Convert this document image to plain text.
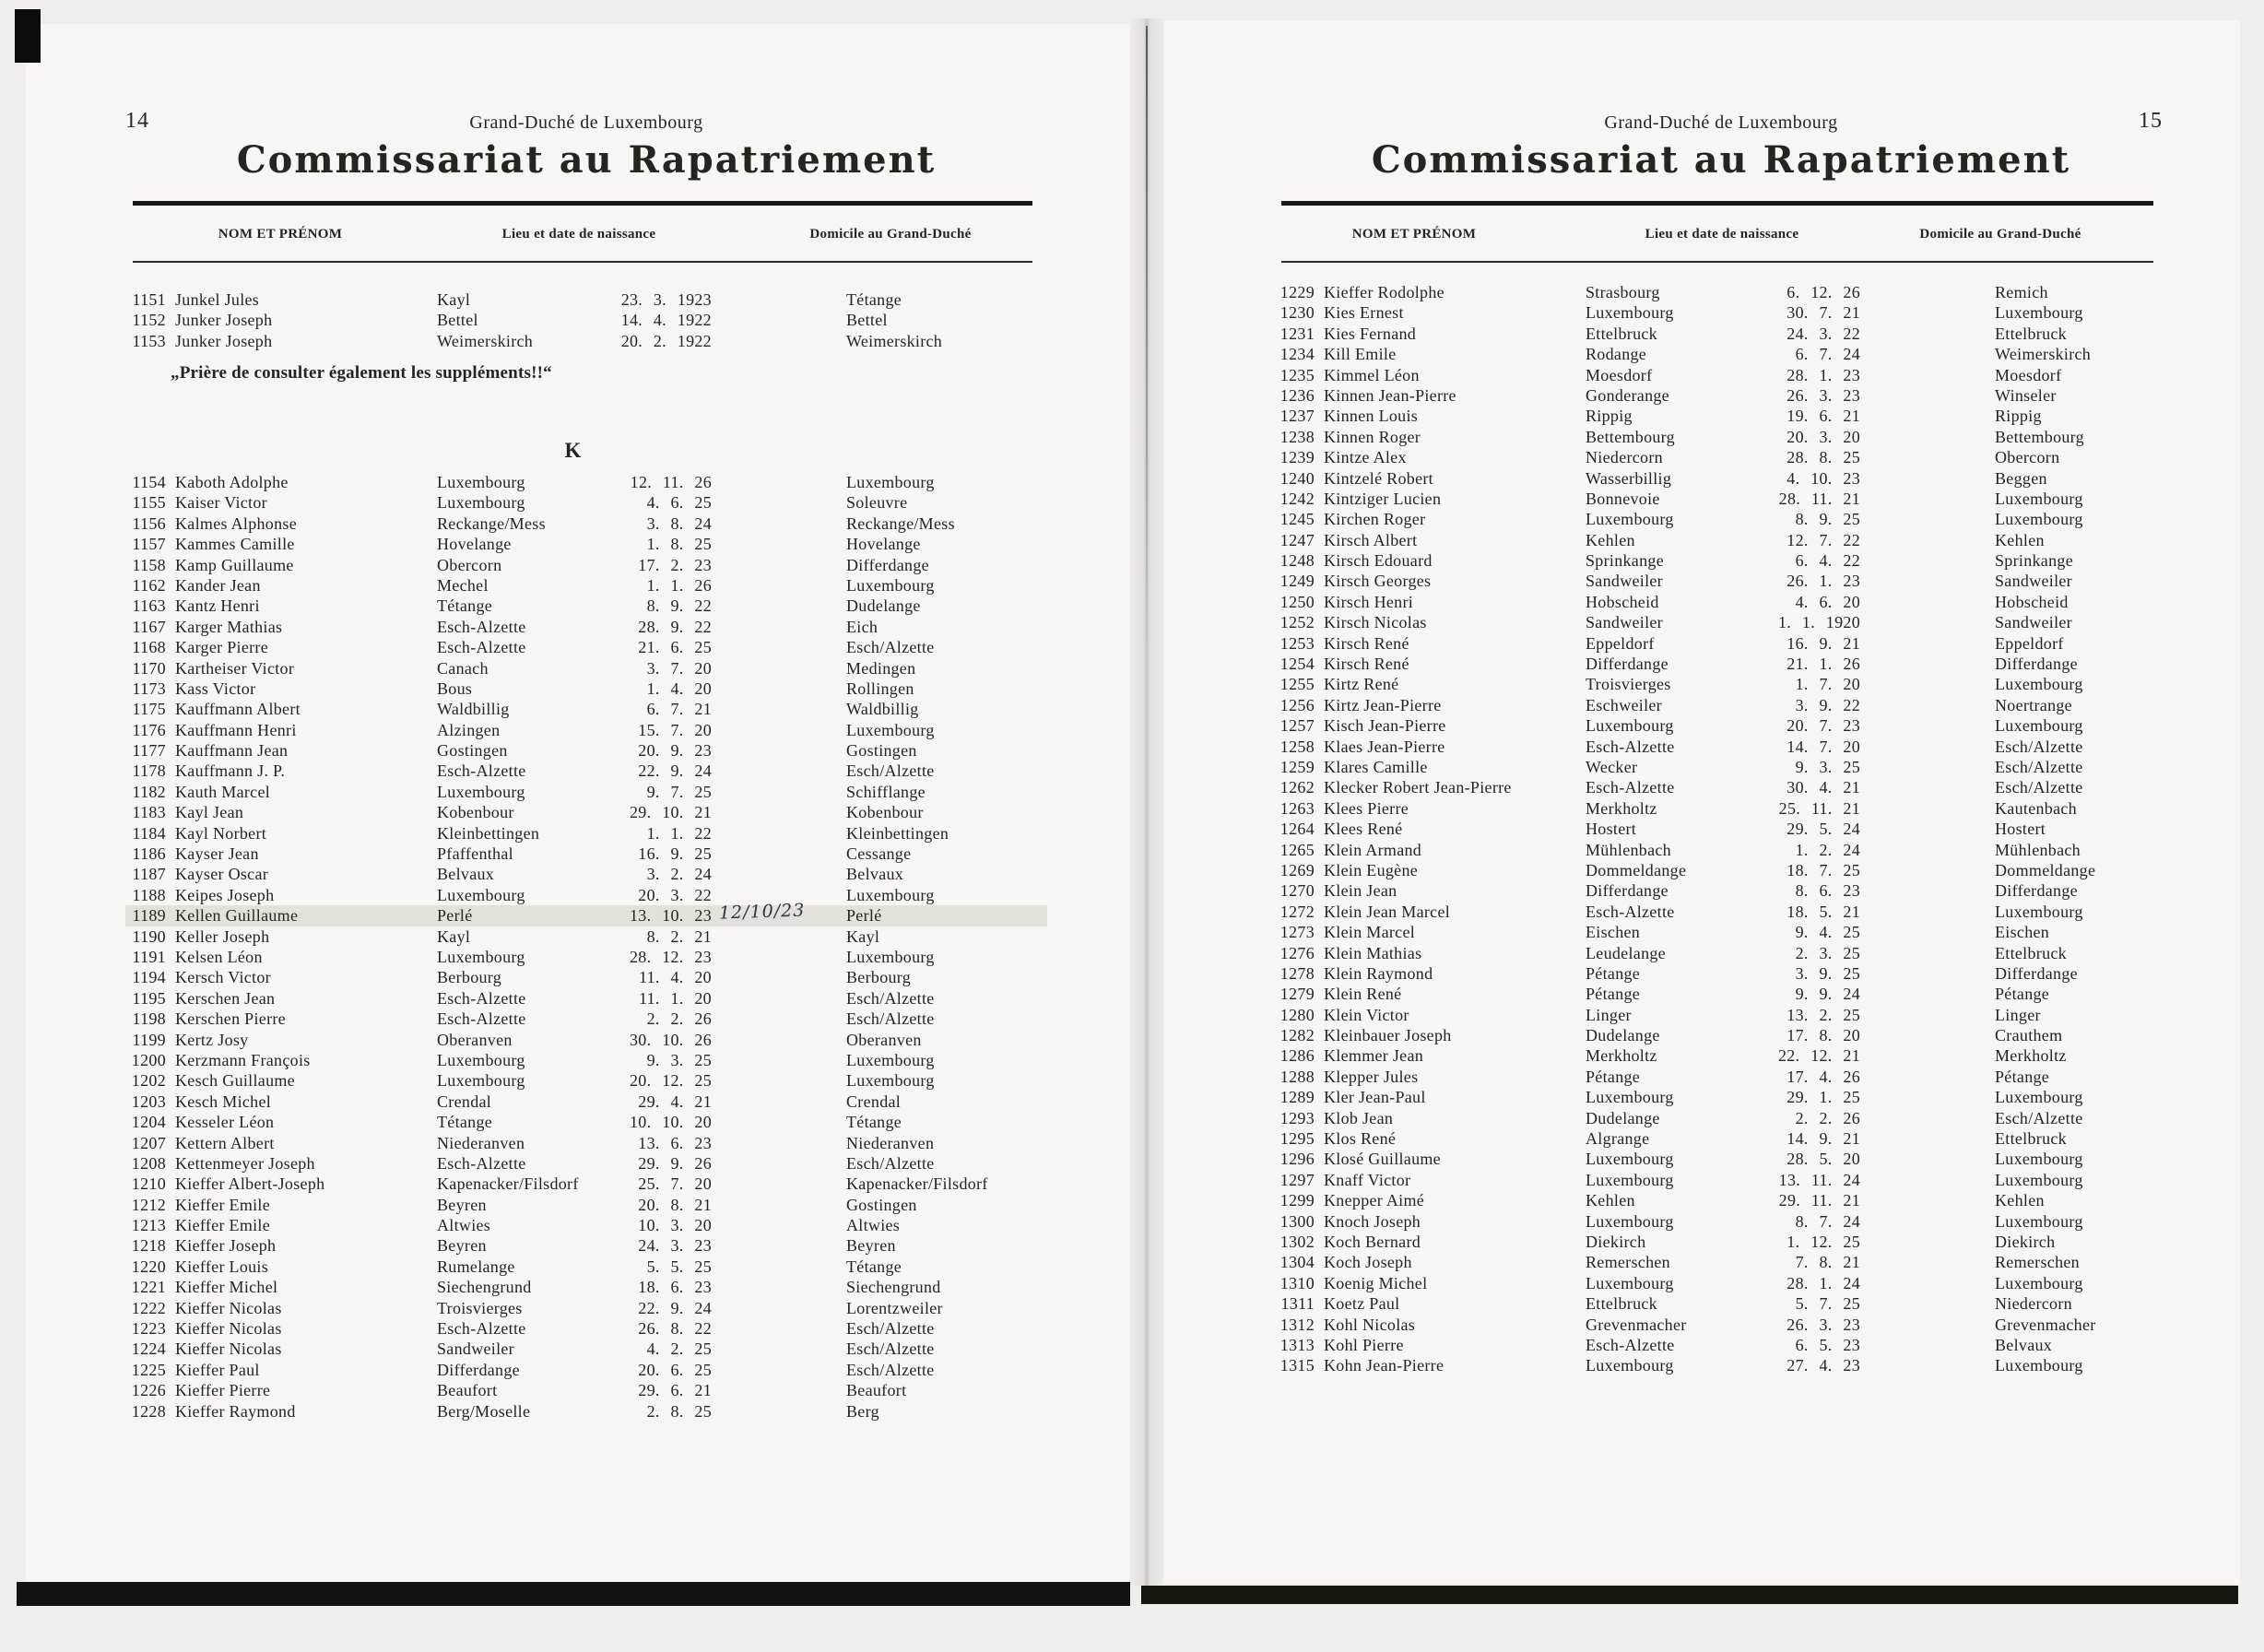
14	Grand-Duché de Luxembourg
Commissariat au Rapatriement
NOM ET PRÉNOM	Lieu et date de naissance	Domicile au Grand-Duché
1151 Junkel Jules	Kayl	23. 3. 1923	Tétange
1152 Junker Joseph	Bettel	14. 4. 1922	Bettel
1153 Junker Joseph	Weimerskirch	20. 2. 1922	Weimerskirch
„Prière de consulter également les suppléments!!“
K
1154 Kaboth Adolphe	Luxembourg	12. 11. 26	Luxembourg
1155 Kaiser Victor	Luxembourg	4. 6. 25	Soleuvre
1156 Kalmes Alphonse	Reckange/Mess	3. 8. 24	Reckange/Mess
1157 Kammes Camille	Hovelange	1. 8. 25	Hovelange
1158 Kamp Guillaume	Obercorn	17. 2. 23	Differdange
1162 Kander Jean	Mechel	1. 1. 26	Luxembourg
1163 Kantz Henri	Tétange	8. 9. 22	Dudelange
1167 Karger Mathias	Esch-Alzette	28. 9. 22	Eich
1168 Karger Pierre	Esch-Alzette	21. 6. 25	Esch/Alzette
1170 Kartheiser Victor	Canach	3. 7. 20	Medingen
1173 Kass Victor	Bous	1. 4. 20	Rollingen
1175 Kauffmann Albert	Waldbillig	6. 7. 21	Waldbillig
1176 Kauffmann Henri	Alzingen	15. 7. 20	Luxembourg
1177 Kauffmann Jean	Gostingen	20. 9. 23	Gostingen
1178 Kauffmann J. P.	Esch-Alzette	22. 9. 24	Esch/Alzette
1182 Kauth Marcel	Luxembourg	9. 7. 25	Schifflange
1183 Kayl Jean	Kobenbour	29. 10. 21	Kobenbour
1184 Kayl Norbert	Kleinbettingen	1. 1. 22	Kleinbettingen
1186 Kayser Jean	Pfaffenthal	16. 9. 25	Cessange
1187 Kayser Oscar	Belvaux	3. 2. 24	Belvaux
1188 Keipes Joseph	Luxembourg	20. 3. 22	Luxembourg
1189 Kellen Guillaume	Perlé	13. 10. 23	Perlé
12/10/23
1190 Keller Joseph	Kayl	8. 2. 21	Kayl
1191 Kelsen Léon	Luxembourg	28. 12. 23	Luxembourg
1194 Kersch Victor	Berbourg	11. 4. 20	Berbourg
1195 Kerschen Jean	Esch-Alzette	11. 1. 20	Esch/Alzette
1198 Kerschen Pierre	Esch-Alzette	2. 2. 26	Esch/Alzette
1199 Kertz Josy	Oberanven	30. 10. 26	Oberanven
1200 Kerzmann François	Luxembourg	9. 3. 25	Luxembourg
1202 Kesch Guillaume	Luxembourg	20. 12. 25	Luxembourg
1203 Kesch Michel	Crendal	29. 4. 21	Crendal
1204 Kesseler Léon	Tétange	10. 10. 20	Tétange
1207 Kettern Albert	Niederanven	13. 6. 23	Niederanven
1208 Kettenmeyer Joseph	Esch-Alzette	29. 9. 26	Esch/Alzette
1210 Kieffer Albert-Joseph	Kapenacker/Filsdorf	25. 7. 20	Kapenacker/Filsdorf
1212 Kieffer Emile	Beyren	20. 8. 21	Gostingen
1213 Kieffer Emile	Altwies	10. 3. 20	Altwies
1218 Kieffer Joseph	Beyren	24. 3. 23	Beyren
1220 Kieffer Louis	Rumelange	5. 5. 25	Tétange
1221 Kieffer Michel	Siechengrund	18. 6. 23	Siechengrund
1222 Kieffer Nicolas	Troisvierges	22. 9. 24	Lorentzweiler
1223 Kieffer Nicolas	Esch-Alzette	26. 8. 22	Esch/Alzette
1224 Kieffer Nicolas	Sandweiler	4. 2. 25	Esch/Alzette
1225 Kieffer Paul	Differdange	20. 6. 25	Esch/Alzette
1226 Kieffer Pierre	Beaufort	29. 6. 21	Beaufort
1228 Kieffer Raymond	Berg/Moselle	2. 8. 25	Berg
15
Grand-Duché de Luxembourg
Commissariat au Rapatriement
NOM ET PRÉNOM	Lieu et date de naissance	Domicile au Grand-Duché
1229 Kieffer Rodolphe	Strasbourg	6. 12. 26	Remich
1230 Kies Ernest	Luxembourg	30. 7. 21	Luxembourg
1231 Kies Fernand	Ettelbruck	24. 3. 22	Ettelbruck
1234 Kill Emile	Rodange	6. 7. 24	Weimerskirch
1235 Kimmel Léon	Moesdorf	28. 1. 23	Moesdorf
1236 Kinnen Jean-Pierre	Gonderange	26. 3. 23	Winseler
1237 Kinnen Louis	Rippig	19. 6. 21	Rippig
1238 Kinnen Roger	Bettembourg	20. 3. 20	Bettembourg
1239 Kintze Alex	Niedercorn	28. 8. 25	Obercorn
1240 Kintzelé Robert	Wasserbillig	4. 10. 23	Beggen
1242 Kintziger Lucien	Bonnevoie	28. 11. 21	Luxembourg
1245 Kirchen Roger	Luxembourg	8. 9. 25	Luxembourg
1247 Kirsch Albert	Kehlen	12. 7. 22	Kehlen
1248 Kirsch Edouard	Sprinkange	6. 4. 22	Sprinkange
1249 Kirsch Georges	Sandweiler	26. 1. 23	Sandweiler
1250 Kirsch Henri	Hobscheid	4. 6. 20	Hobscheid
1252 Kirsch Nicolas	Sandweiler	1. 1. 1920	Sandweiler
1253 Kirsch René	Eppeldorf	16. 9. 21	Eppeldorf
1254 Kirsch René	Differdange	21. 1. 26	Differdange
1255 Kirtz René	Troisvierges	1. 7. 20	Luxembourg
1256 Kirtz Jean-Pierre	Eschweiler	3. 9. 22	Noertrange
1257 Kisch Jean-Pierre	Luxembourg	20. 7. 23	Luxembourg
1258 Klaes Jean-Pierre	Esch-Alzette	14. 7. 20	Esch/Alzette
1259 Klares Camille	Wecker	9. 3. 25	Esch/Alzette
1262 Klecker Robert Jean-Pierre	Esch-Alzette	30. 4. 21	Esch/Alzette
1263 Klees Pierre	Merkholtz	25. 11. 21	Kautenbach
1264 Klees René	Hostert	29. 5. 24	Hostert
1265 Klein Armand	Mühlenbach	1. 2. 24	Mühlenbach
1269 Klein Eugène	Dommeldange	18. 7. 25	Dommeldange
1270 Klein Jean	Differdange	8. 6. 23	Differdange
1272 Klein Jean Marcel	Esch-Alzette	18. 5. 21	Luxembourg
1273 Klein Marcel	Eischen	9. 4. 25	Eischen
1276 Klein Mathias	Leudelange	2. 3. 25	Ettelbruck
1278 Klein Raymond	Pétange	3. 9. 25	Differdange
1279 Klein René	Pétange	9. 9. 24	Pétange
1280 Klein Victor	Linger	13. 2. 25	Linger
1282 Kleinbauer Joseph	Dudelange	17. 8. 20	Crauthem
1286 Klemmer Jean	Merkholtz	22. 12. 21	Merkholtz
1288 Klepper Jules	Pétange	17. 4. 26	Pétange
1289 Kler Jean-Paul	Luxembourg	29. 1. 25	Luxembourg
1293 Klob Jean	Dudelange	2. 2. 26	Esch/Alzette
1295 Klos René	Algrange	14. 9. 21	Ettelbruck
1296 Klosé Guillaume	Luxembourg	28. 5. 20	Luxembourg
1297 Knaff Victor	Luxembourg	13. 11. 24	Luxembourg
1299 Knepper Aimé	Kehlen	29. 11. 21	Kehlen
1300 Knoch Joseph	Luxembourg	8. 7. 24	Luxembourg
1302 Koch Bernard	Diekirch	1. 12. 25	Diekirch
1304 Koch Joseph	Remerschen	7. 8. 21	Remerschen
1310 Koenig Michel	Luxembourg	28. 1. 24	Luxembourg
1311 Koetz Paul	Ettelbruck	5. 7. 25	Niedercorn
1312 Kohl Nicolas	Grevenmacher	26. 3. 23	Grevenmacher
1313 Kohl Pierre	Esch-Alzette	6. 5. 23	Belvaux
1315 Kohn Jean-Pierre	Luxembourg	27. 4. 23	Luxembourg
